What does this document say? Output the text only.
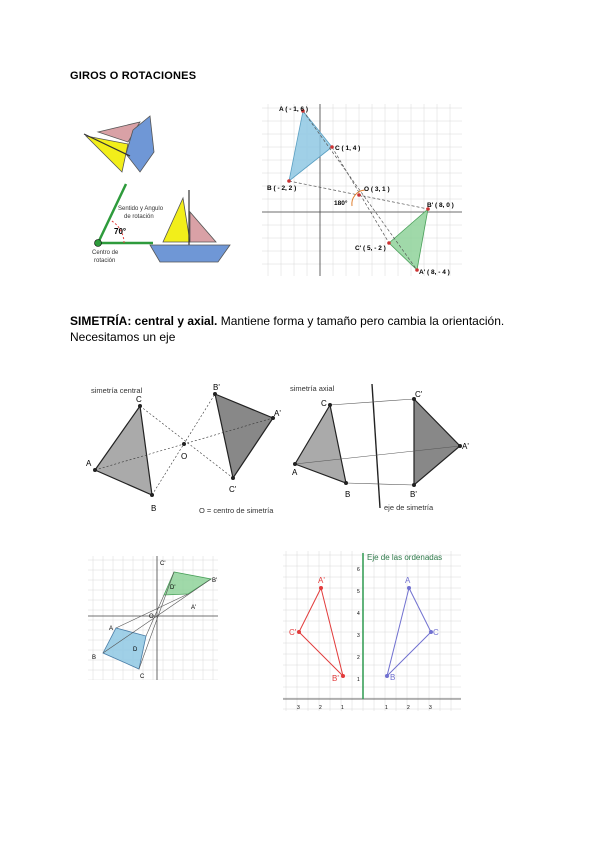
GIROS O ROTACIONES
Sentido y Angulo
de rotación
70°
Centro de
rotación
A ( - 1, 6 )
C ( 1, 4 )
B ( - 2, 2 )	O ( 3, 1 )
180°	B' ( 8, 0 )
C' ( 5, - 2 )
A' ( 8, - 4 )
SIMETRÍA: central y axial. Mantiene forma y tamaño pero cambia la orientación.
Necesitamos un eje
simetría central
A
C
B
O
B'
A'
C'
O = centro de simetría
simetría axial
A
C
B
C'
A'
B'
eje de simetría
A
B
C
D
O
C'
D'
B'
A'
Eje de las ordenadas
6
5
4
3
2
1
3	2	1	1	2	3
A'
C'
B'
A
C
B
